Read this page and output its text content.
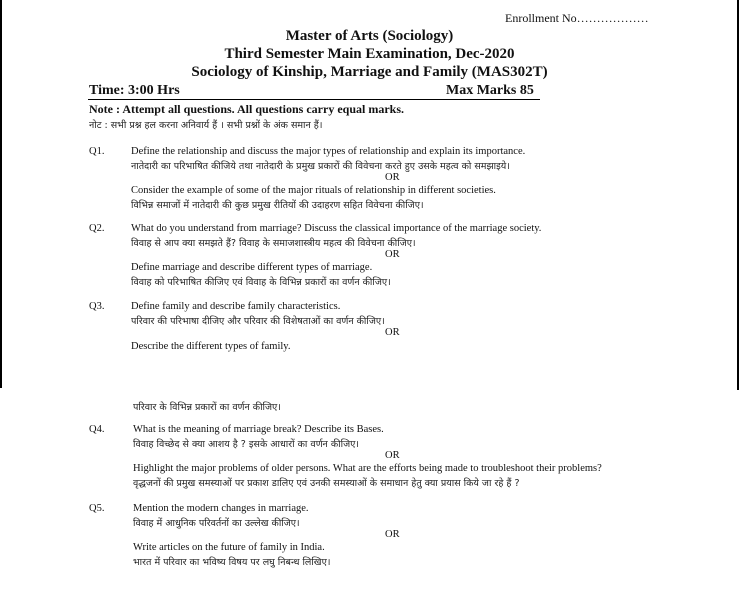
Enrollment No………………
Master of Arts (Sociology)
Third Semester Main Examination, Dec-2020
Sociology of Kinship, Marriage and Family (MAS302T)
Time: 3:00 Hrs	Max Marks 85
Note : Attempt all questions. All questions carry equal marks.
नोट : सभी प्रश्न हल करना अनिवार्य हैं । सभी प्रश्नों के अंक समान हैं।
Q1.	Define the relationship and discuss the major types of relationship and explain its importance.
नातेदारी का परिभाषित कीजिये तथा नातेदारी के प्रमुख प्रकारों की विवेचना करते हुए उसके महत्व को समझाइये।
OR
Consider the example of some of the major rituals of relationship in different societies.
विभिन्न समाजों में नातेदारी की कुछ प्रमुख रीतियों की उदाहरण सहित विवेचना कीजिए।
Q2.	What do you understand from marriage? Discuss the classical importance of the marriage society.
विवाह से आप क्या समझते हैं? विवाह के समाजशास्त्रीय महत्व की विवेचना कीजिए।
OR
Define marriage and describe different types of marriage.
विवाह को परिभाषित कीजिए एवं विवाह के विभिन्न प्रकारों का वर्णन कीजिए।
Q3.	Define family and describe family characteristics.
परिवार की परिभाषा दीजिए और परिवार की विशेषताओं का वर्णन कीजिए।
OR
Describe the different types of family.
परिवार के विभिन्न प्रकारों का वर्णन कीजिए।
Q4.	What is the meaning of marriage break? Describe its Bases.
विवाह विच्छेद से क्या आशय है ? इसके आधारों का वर्णन कीजिए।
OR
Highlight the major problems of older persons. What are the efforts being made to troubleshoot their problems?
वृद्धजनों की प्रमुख समस्याओं पर प्रकाश डालिए एवं उनकी समस्याओं के समाधान हेतु क्या प्रयास किये जा रहे हैं ?
Q5.	Mention the modern changes in marriage.
विवाह में आधुनिक परिवर्तनों का उल्लेख कीजिए।
OR
Write articles on the future of family in India.
भारत में परिवार का भविष्य विषय पर लघु निबन्ध लिखिए।
